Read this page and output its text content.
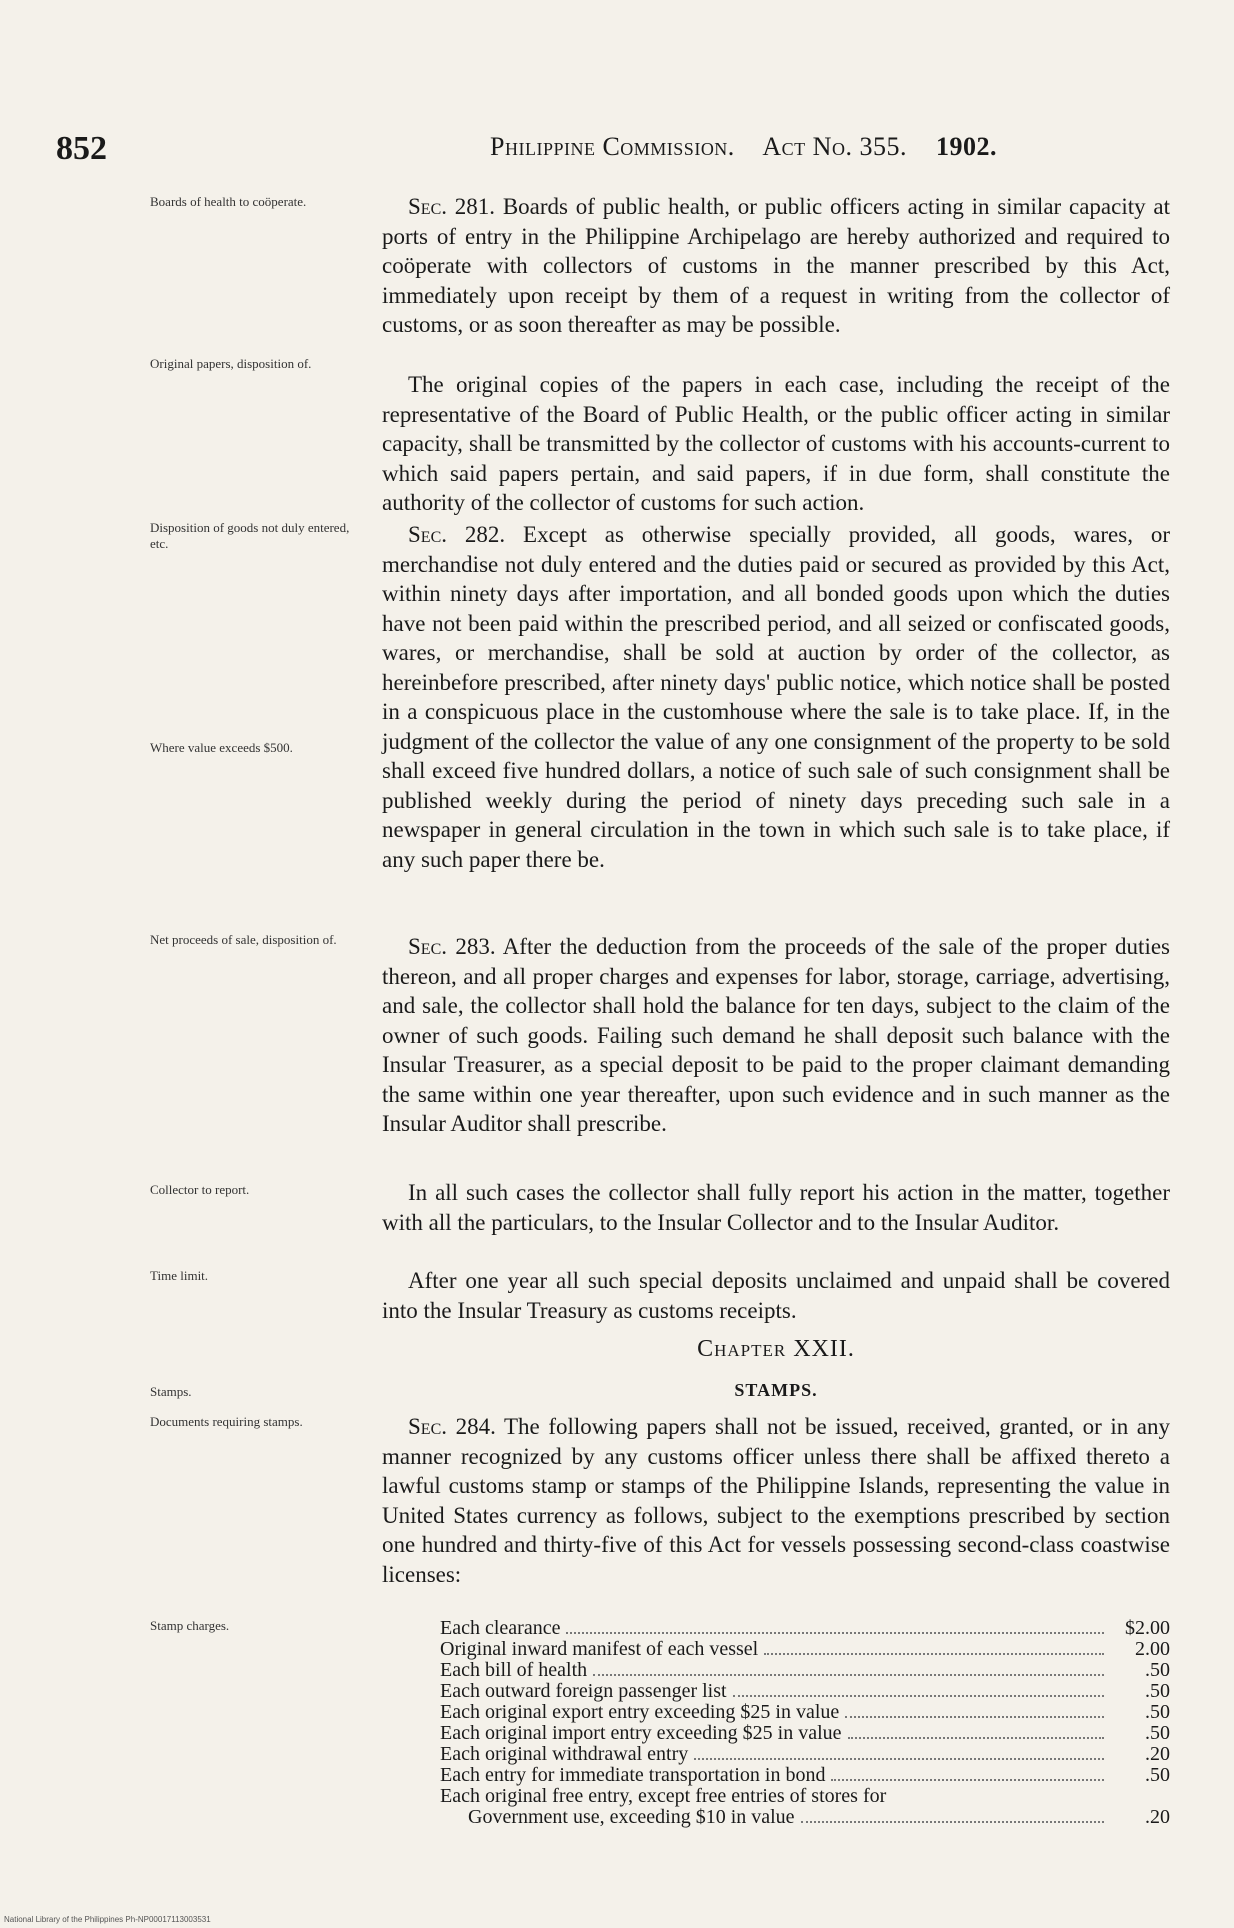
852	Philippine Commission. Act No. 355. 1902.
Boards of health to coöperate.
Original papers, disposition of.
Disposition of goods not duly entered, etc.
Where value exceeds $500.
Net proceeds of sale, disposition of.
Collector to report.
Time limit.
Stamps.
Documents requiring stamps.
Stamp charges.

Sec. 281. Boards of public health, or public officers acting in similar capacity at ports of entry in the Philippine Archipelago are hereby authorized and required to coöperate with collectors of customs in the manner prescribed by this Act, immediately upon receipt by them of a request in writing from the collector of customs, or as soon thereafter as may be possible.

The original copies of the papers in each case, including the receipt of the representative of the Board of Public Health, or the public officer acting in similar capacity, shall be transmitted by the collector of customs with his accounts-current to which said papers pertain, and said papers, if in due form, shall constitute the authority of the collector of customs for such action.

Sec. 282. Except as otherwise specially provided, all goods, wares, or merchandise not duly entered and the duties paid or secured as provided by this Act, within ninety days after importation, and all bonded goods upon which the duties have not been paid within the prescribed period, and all seized or confiscated goods, wares, or merchandise, shall be sold at auction by order of the collector, as hereinbefore prescribed, after ninety days' public notice, which notice shall be posted in a conspicuous place in the customhouse where the sale is to take place. If, in the judgment of the collector the value of any one consignment of the property to be sold shall exceed five hundred dollars, a notice of such sale of such consignment shall be published weekly during the period of ninety days preceding such sale in a newspaper in general circulation in the town in which such sale is to take place, if any such paper there be.

Sec. 283. After the deduction from the proceeds of the sale of the proper duties thereon, and all proper charges and expenses for labor, storage, carriage, advertising, and sale, the collector shall hold the balance for ten days, subject to the claim of the owner of such goods. Failing such demand he shall deposit such balance with the Insular Treasurer, as a special deposit to be paid to the proper claimant demanding the same within one year thereafter, upon such evidence and in such manner as the Insular Auditor shall prescribe.

In all such cases the collector shall fully report his action in the matter, together with all the particulars, to the Insular Collector and to the Insular Auditor.

After one year all such special deposits unclaimed and unpaid shall be covered into the Insular Treasury as customs receipts.

Chapter XXII.
STAMPS.

Sec. 284. The following papers shall not be issued, received, granted, or in any manner recognized by any customs officer unless there shall be affixed thereto a lawful customs stamp or stamps of the Philippine Islands, representing the value in United States currency as follows, subject to the exemptions prescribed by section one hundred and thirty-five of this Act for vessels possessing second-class coastwise licenses:

Each clearance	$2.00
Original inward manifest of each vessel	2.00
Each bill of health	.50
Each outward foreign passenger list	.50
Each original export entry exceeding $25 in value	.50
Each original import entry exceeding $25 in value	.50
Each original withdrawal entry	.20
Each entry for immediate transportation in bond	.50
Each original free entry, except free entries of stores for
Government use, exceeding $10 in value	.20
National Library of the Philippines Ph-NP00017113003531
